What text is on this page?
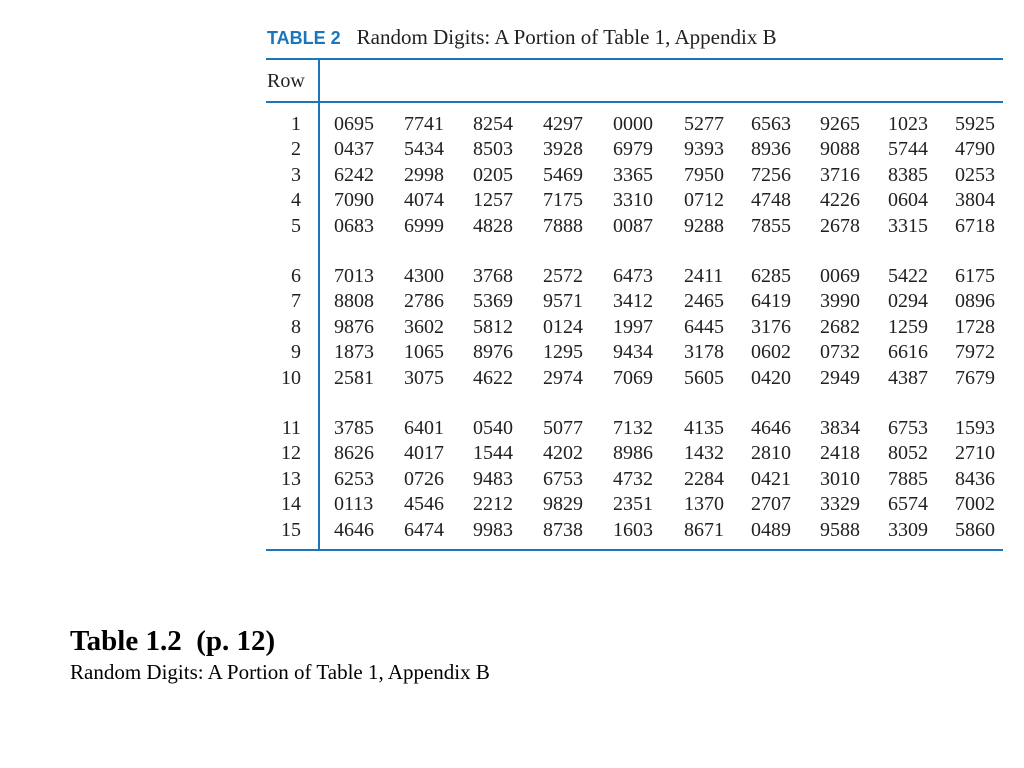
TABLE 2 Random Digits: A Portion of Table 1, Appendix B
Row
1 0695 7741 8254 4297 0000 5277 6563 9265 1023 5925
2 0437 5434 8503 3928 6979 9393 8936 9088 5744 4790
3 6242 2998 0205 5469 3365 7950 7256 3716 8385 0253
4 7090 4074 1257 7175 3310 0712 4748 4226 0604 3804
5 0683 6999 4828 7888 0087 9288 7855 2678 3315 6718
6 7013 4300 3768 2572 6473 2411 6285 0069 5422 6175
7 8808 2786 5369 9571 3412 2465 6419 3990 0294 0896
8 9876 3602 5812 0124 1997 6445 3176 2682 1259 1728
9 1873 1065 8976 1295 9434 3178 0602 0732 6616 7972
10 2581 3075 4622 2974 7069 5605 0420 2949 4387 7679
11 3785 6401 0540 5077 7132 4135 4646 3834 6753 1593
12 8626 4017 1544 4202 8986 1432 2810 2418 8052 2710
13 6253 0726 9483 6753 4732 2284 0421 3010 7885 8436
14 0113 4546 2212 9829 2351 1370 2707 3329 6574 7002
15 4646 6474 9983 8738 1603 8671 0489 9588 3309 5860
Table 1.2  (p. 12)
Random Digits: A Portion of Table 1, Appendix B
